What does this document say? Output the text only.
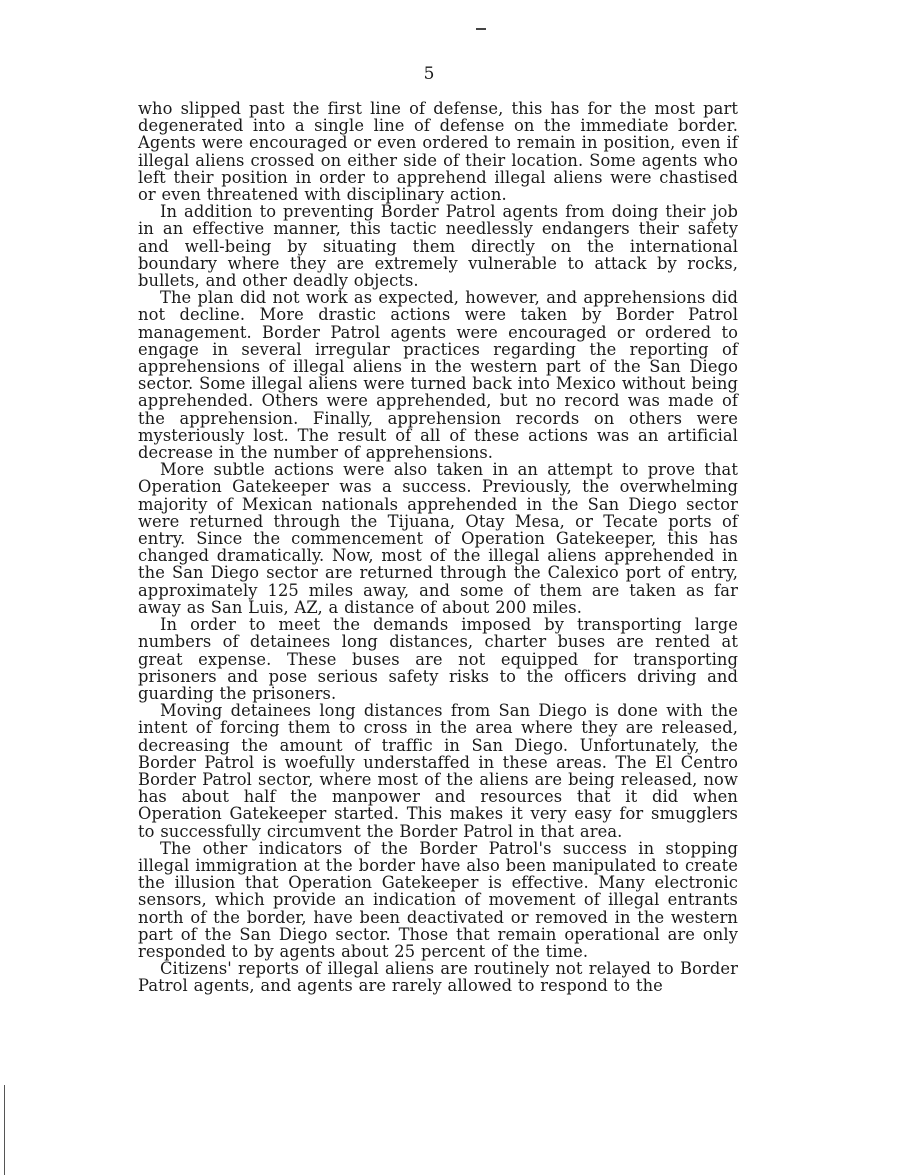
5

who slipped past the first line of defense, this has for the most part degenerated into a single line of defense on the immediate border. Agents were encouraged or even ordered to remain in position, even if illegal aliens crossed on either side of their location. Some agents who left their position in order to apprehend illegal aliens were chastised or even threatened with disciplinary action.

In addition to preventing Border Patrol agents from doing their job in an effective manner, this tactic needlessly endangers their safety and well-being by situating them directly on the international boundary where they are extremely vulnerable to attack by rocks, bullets, and other deadly objects.

The plan did not work as expected, however, and apprehensions did not decline. More drastic actions were taken by Border Patrol management. Border Patrol agents were encouraged or ordered to engage in several irregular practices regarding the reporting of apprehensions of illegal aliens in the western part of the San Diego sector. Some illegal aliens were turned back into Mexico without being apprehended. Others were apprehended, but no record was made of the apprehension. Finally, apprehension records on others were mysteriously lost. The result of all of these actions was an artificial decrease in the number of apprehensions.

More subtle actions were also taken in an attempt to prove that Operation Gatekeeper was a success. Previously, the overwhelming majority of Mexican nationals apprehended in the San Diego sector were returned through the Tijuana, Otay Mesa, or Tecate ports of entry. Since the commencement of Operation Gatekeeper, this has changed dramatically. Now, most of the illegal aliens apprehended in the San Diego sector are returned through the Calexico port of entry, approximately 125 miles away, and some of them are taken as far away as San Luis, AZ, a distance of about 200 miles.

In order to meet the demands imposed by transporting large numbers of detainees long distances, charter buses are rented at great expense. These buses are not equipped for transporting prisoners and pose serious safety risks to the officers driving and guarding the prisoners.

Moving detainees long distances from San Diego is done with the intent of forcing them to cross in the area where they are released, decreasing the amount of traffic in San Diego. Unfortunately, the Border Patrol is woefully understaffed in these areas. The El Centro Border Patrol sector, where most of the aliens are being released, now has about half the manpower and resources that it did when Operation Gatekeeper started. This makes it very easy for smugglers to successfully circumvent the Border Patrol in that area.

The other indicators of the Border Patrol's success in stopping illegal immigration at the border have also been manipulated to create the illusion that Operation Gatekeeper is effective. Many electronic sensors, which provide an indication of movement of illegal entrants north of the border, have been deactivated or removed in the western part of the San Diego sector. Those that remain operational are only responded to by agents about 25 percent of the time.

Citizens' reports of illegal aliens are routinely not relayed to Border Patrol agents, and agents are rarely allowed to respond to the
